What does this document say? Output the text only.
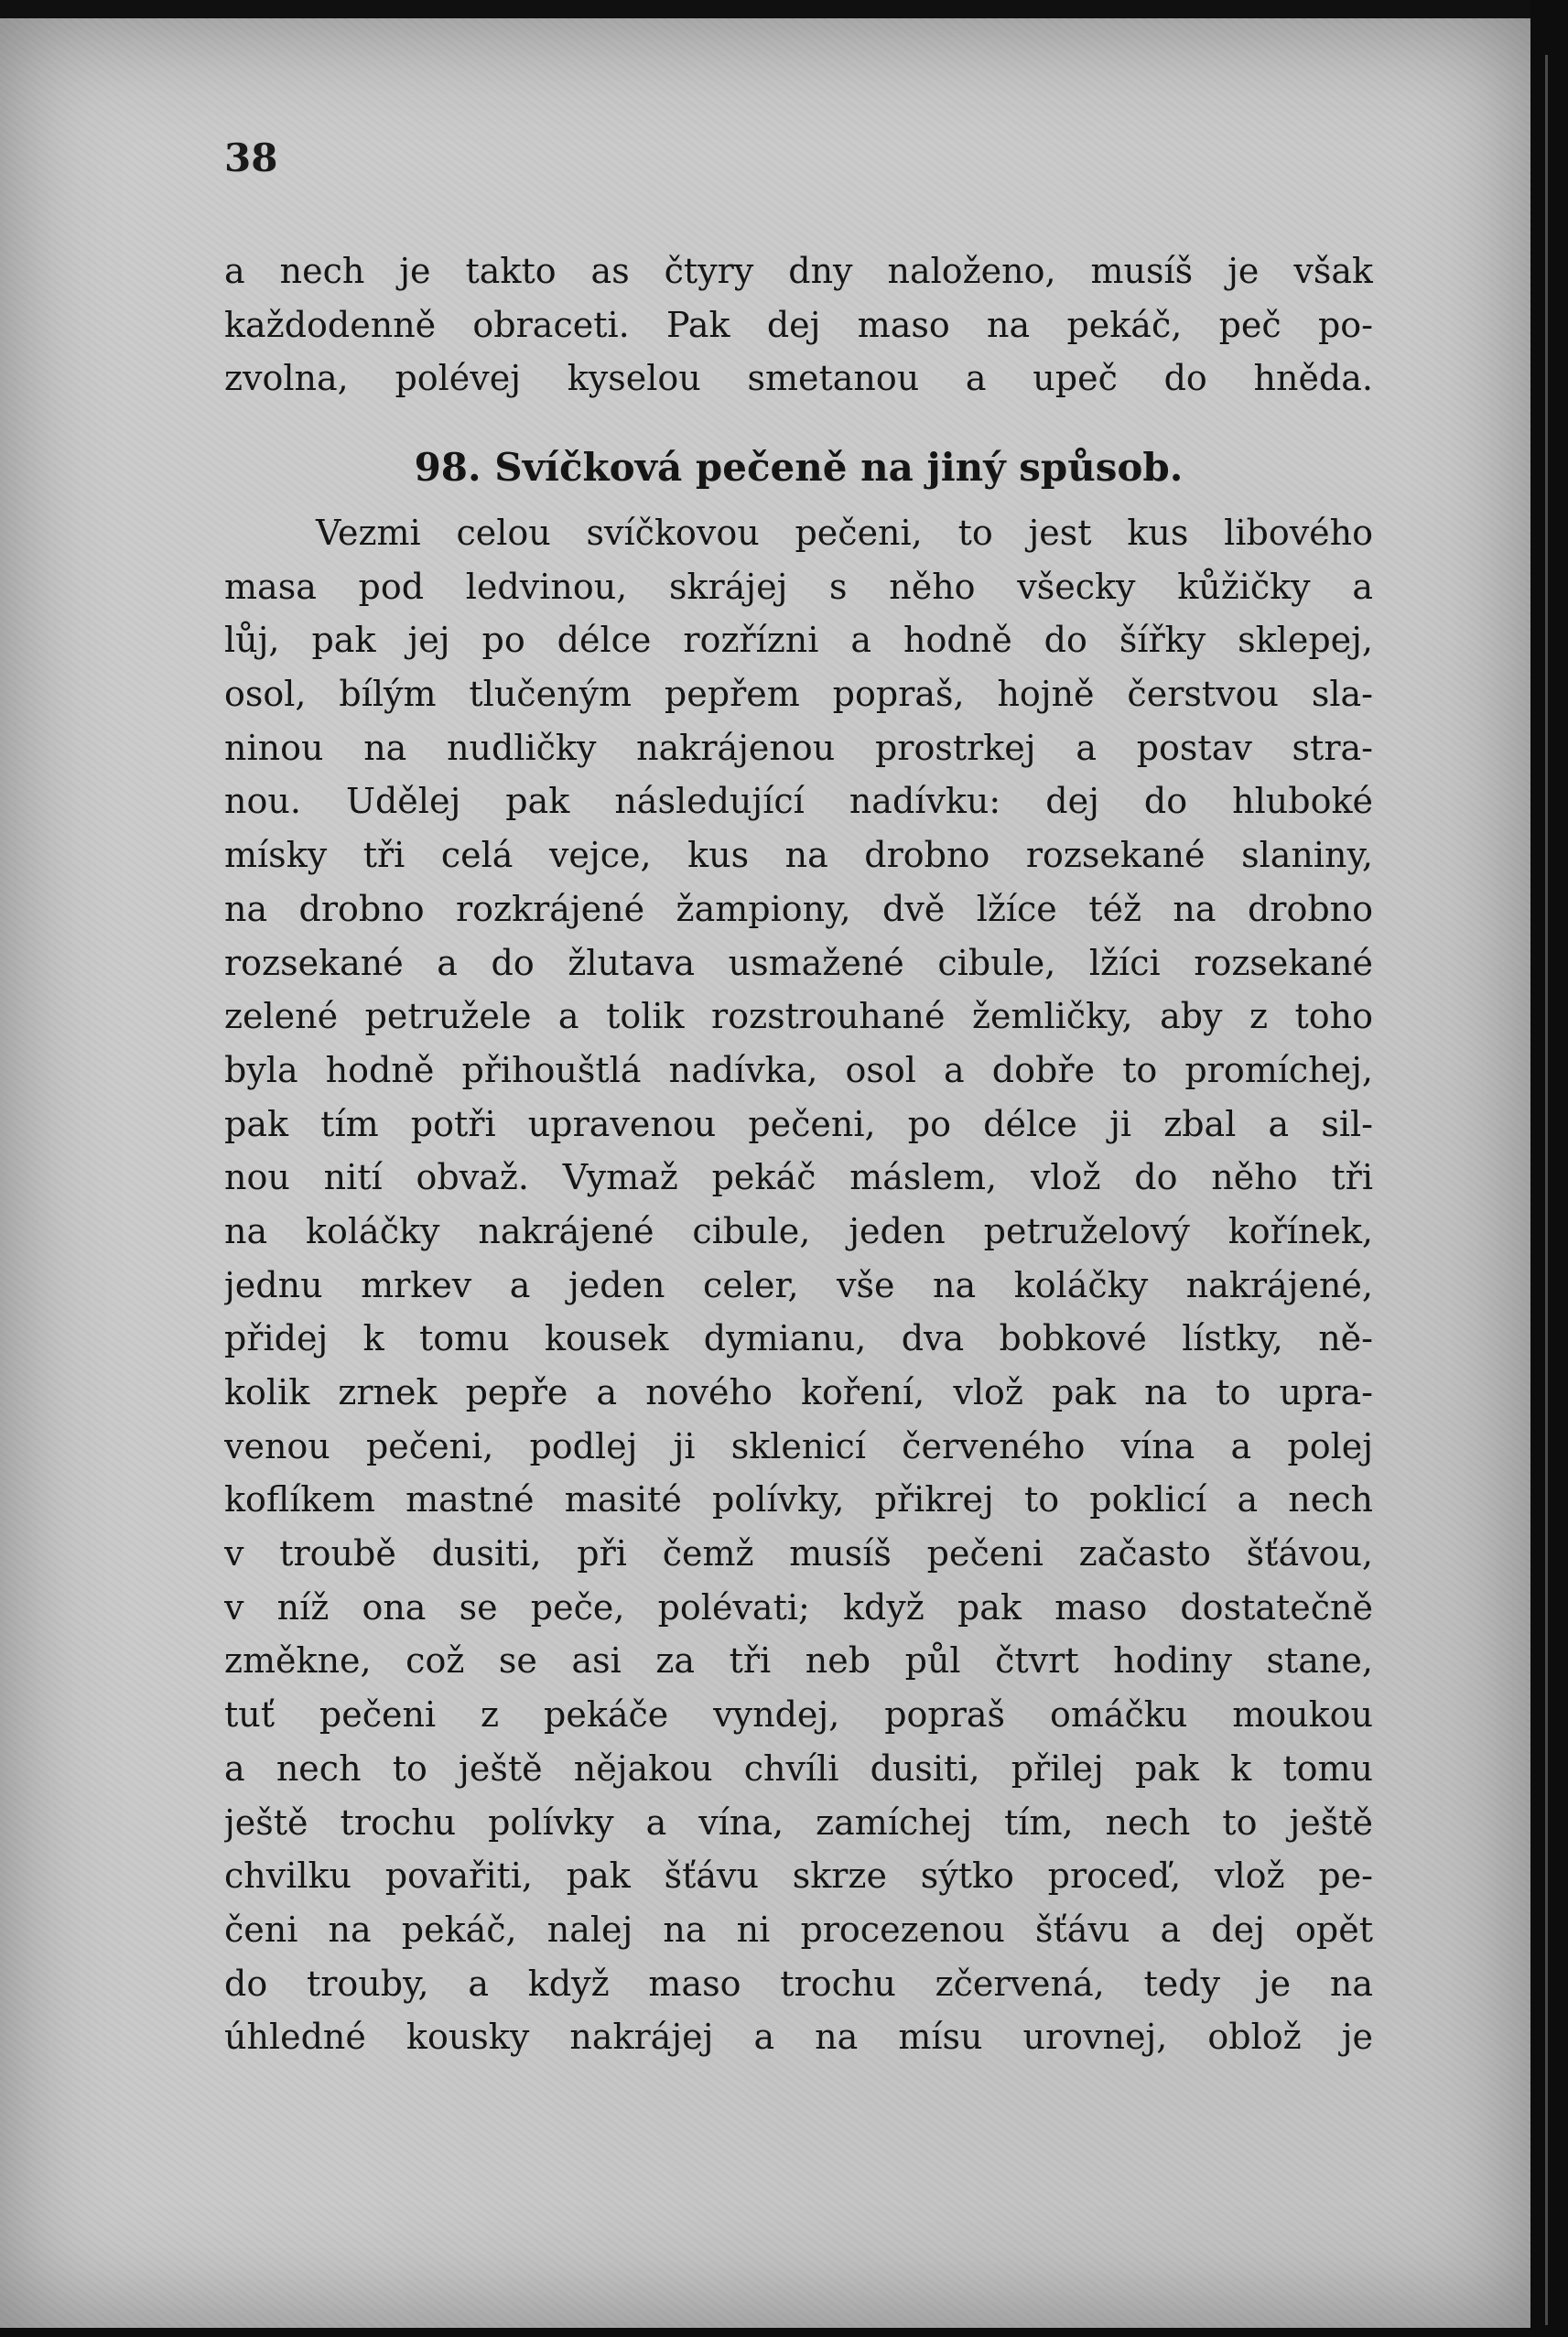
38
a nech je takto as čtyry dny naloženo, musíš je však
každodenně obraceti. Pak dej maso na pekáč, peč po-
zvolna, polévej kyselou smetanou a upeč do hněda.
98. Svíčková pečeně na jiný spůsob.
Vezmi celou svíčkovou pečeni, to jest kus libového
masa pod ledvinou, skrájej s něho všecky kůžičky a
lůj, pak jej po délce rozřízni a hodně do šířky sklepej,
osol, bílým tlučeným pepřem popraš, hojně čerstvou sla-
ninou na nudličky nakrájenou prostrkej a postav stra-
nou. Udělej pak následující nadívku: dej do hluboké
mísky tři celá vejce, kus na drobno rozsekané slaniny,
na drobno rozkrájené žampiony, dvě lžíce též na drobno
rozsekané a do žlutava usmažené cibule, lžíci rozsekané
zelené petružele a tolik rozstrouhané žemličky, aby z toho
byla hodně přihouštlá nadívka, osol a dobře to promíchej,
pak tím potři upravenou pečeni, po délce ji zbal a sil-
nou nití obvaž. Vymaž pekáč máslem, vlož do něho tři
na koláčky nakrájené cibule, jeden petruželový kořínek,
jednu mrkev a jeden celer, vše na koláčky nakrájené,
přidej k tomu kousek dymianu, dva bobkové lístky, ně-
kolik zrnek pepře a nového koření, vlož pak na to upra-
venou pečeni, podlej ji sklenicí červeného vína a polej
koflíkem mastné masité polívky, přikrej to poklicí a nech
v troubě dusiti, při čemž musíš pečeni začasto šťávou,
v níž ona se peče, polévati; když pak maso dostatečně
změkne, což se asi za tři neb půl čtvrt hodiny stane,
tuť pečeni z pekáče vyndej, popraš omáčku moukou
a nech to ještě nějakou chvíli dusiti, přilej pak k tomu
ještě trochu polívky a vína, zamíchej tím, nech to ještě
chvilku povařiti, pak šťávu skrze sýtko proceď, vlož pe-
čeni na pekáč, nalej na ni procezenou šťávu a dej opět
do trouby, a když maso trochu zčervená, tedy je na
úhledné kousky nakrájej a na mísu urovnej, oblož je
